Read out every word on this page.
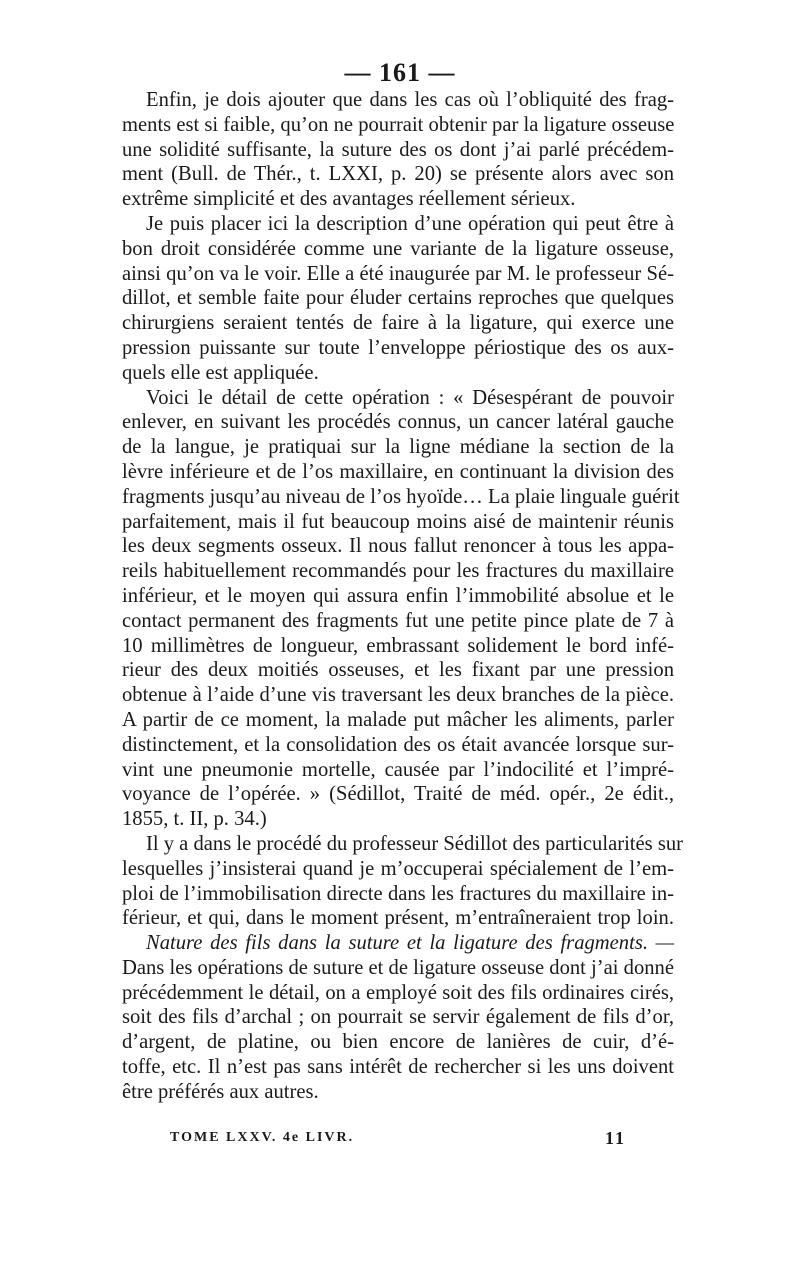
— 161 —
Enfin, je dois ajouter que dans les cas où l’obliquité des frag-
ments est si faible, qu’on ne pourrait obtenir par la ligature osseuse
une solidité suffisante, la suture des os dont j’ai parlé précédem-
ment (Bull. de Thér., t. LXXI, p. 20) se présente alors avec son
extrême simplicité et des avantages réellement sérieux.
Je puis placer ici la description d’une opération qui peut être à
bon droit considérée comme une variante de la ligature osseuse,
ainsi qu’on va le voir. Elle a été inaugurée par M. le professeur Sé-
dillot, et semble faite pour éluder certains reproches que quelques
chirurgiens seraient tentés de faire à la ligature, qui exerce une
pression puissante sur toute l’enveloppe périostique des os aux-
quels elle est appliquée.
Voici le détail de cette opération : « Désespérant de pouvoir
enlever, en suivant les procédés connus, un cancer latéral gauche
de la langue, je pratiquai sur la ligne médiane la section de la
lèvre inférieure et de l’os maxillaire, en continuant la division des
fragments jusqu’au niveau de l’os hyoïde… La plaie linguale guérit
parfaitement, mais il fut beaucoup moins aisé de maintenir réunis
les deux segments osseux. Il nous fallut renoncer à tous les appa-
reils habituellement recommandés pour les fractures du maxillaire
inférieur, et le moyen qui assura enfin l’immobilité absolue et le
contact permanent des fragments fut une petite pince plate de 7 à
10 millimètres de longueur, embrassant solidement le bord infé-
rieur des deux moitiés osseuses, et les fixant par une pression
obtenue à l’aide d’une vis traversant les deux branches de la pièce.
A partir de ce moment, la malade put mâcher les aliments, parler
distinctement, et la consolidation des os était avancée lorsque sur-
vint une pneumonie mortelle, causée par l’indocilité et l’impré-
voyance de l’opérée. » (Sédillot, Traité de méd. opér., 2e édit.,
1855, t. II, p. 34.)
Il y a dans le procédé du professeur Sédillot des particularités sur
lesquelles j’insisterai quand je m’occuperai spécialement de l’em-
ploi de l’immobilisation directe dans les fractures du maxillaire in-
férieur, et qui, dans le moment présent, m’entraîneraient trop loin.
Nature des fils dans la suture et la ligature des fragments. —
Dans les opérations de suture et de ligature osseuse dont j’ai donné
précédemment le détail, on a employé soit des fils ordinaires cirés,
soit des fils d’archal ; on pourrait se servir également de fils d’or,
d’argent, de platine, ou bien encore de lanières de cuir, d’é-
toffe, etc. Il n’est pas sans intérêt de rechercher si les uns doivent
être préférés aux autres.
TOME LXXV. 4e LIVR.	11
